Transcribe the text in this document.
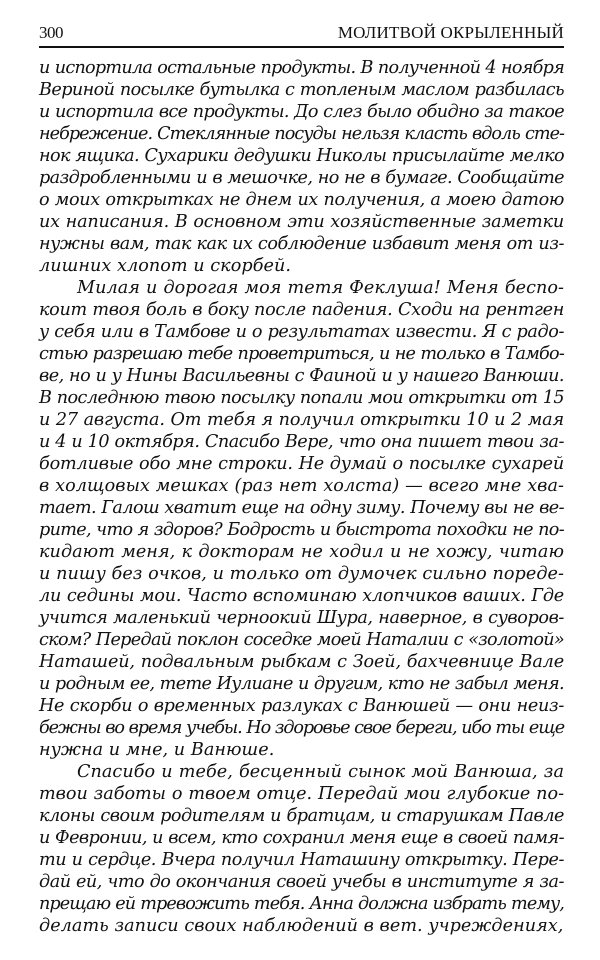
300	МОЛИТВОЙ ОКРЫЛЕННЫЙ
и испортила остальные продукты. В полученной 4 ноября
Вериной посылке бутылка с топленым маслом разбилась
и испортила все продукты. До слез было обидно за такое
небрежение. Стеклянные посуды нельзя класть вдоль сте-
нок ящика. Сухарики дедушки Николы присылайте мелко
раздробленными и в мешочке, но не в бумаге. Сообщайте
о моих открытках не днем их получения, а моею датою
их написания. В основном эти хозяйственные заметки
нужны вам, так как их соблюдение избавит меня от из-
лишних хлопот и скорбей.
Милая и дорогая моя тетя Феклуша! Меня беспо-
коит твоя боль в боку после падения. Сходи на рентген
у себя или в Тамбове и о результатах извести. Я с радо-
стью разрешаю тебе проветриться, и не только в Тамбо-
ве, но и у Нины Васильевны с Фаиной и у нашего Ванюши.
В последнюю твою посылку попали мои открытки от 15
и 27 августа. От тебя я получил открытки 10 и 2 мая
и 4 и 10 октября. Спасибо Вере, что она пишет твои за-
ботливые обо мне строки. Не думай о посылке сухарей
в холщовых мешках (раз нет холста) — всего мне хва-
тает. Галош хватит еще на одну зиму. Почему вы не ве-
рите, что я здоров? Бодрость и быстрота походки не по-
кидают меня, к докторам не ходил и не хожу, читаю
и пишу без очков, и только от думочек сильно пореде-
ли седины мои. Часто вспоминаю хлопчиков ваших. Где
учится маленький черноокий Шура, наверное, в суворов-
ском? Передай поклон соседке моей Наталии с «золотой»
Наташей, подвальным рыбкам с Зоей, бахчевнице Вале
и родным ее, тете Иулиане и другим, кто не забыл меня.
Не скорби о временных разлуках с Ванюшей — они неиз-
бежны во время учебы. Но здоровье свое береги, ибо ты еще
нужна и мне, и Ванюше.
Спасибо и тебе, бесценный сынок мой Ванюша, за
твои заботы о твоем отце. Передай мои глубокие по-
клоны своим родителям и братцам, и старушкам Павле
и Февронии, и всем, кто сохранил меня еще в своей памя-
ти и сердце. Вчера получил Наташину открытку. Пере-
дай ей, что до окончания своей учебы в институте я за-
прещаю ей тревожить тебя. Анна должна избрать тему,
делать записи своих наблюдений в вет. учреждениях,
